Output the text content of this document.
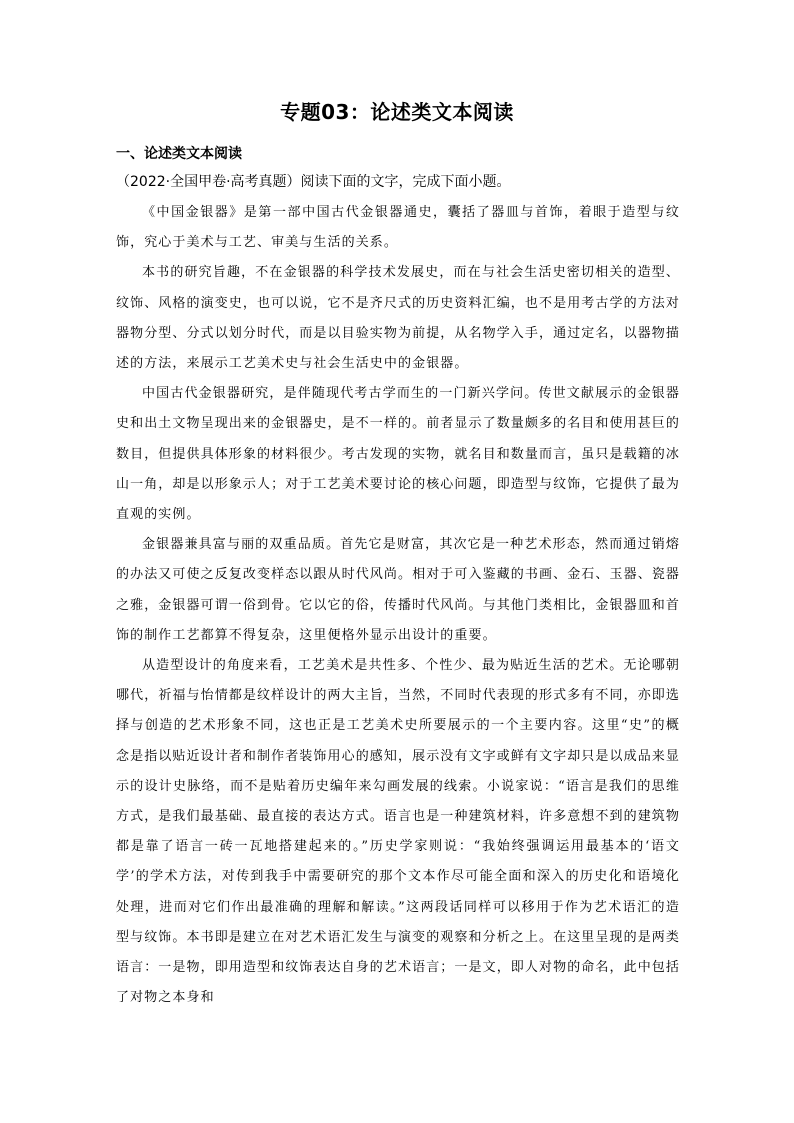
专题03：论述类文本阅读
一、论述类文本阅读
（2022·全国甲卷·高考真题）阅读下面的文字，完成下面小题。

《中国金银器》是第一部中国古代金银器通史，囊括了器皿与首饰，着眼于造型与纹饰，究心于美术与工艺、审美与生活的关系。

本书的研究旨趣，不在金银器的科学技术发展史，而在与社会生活史密切相关的造型、纹饰、风格的演变史，也可以说，它不是齐尺式的历史资料汇编，也不是用考古学的方法对器物分型、分式以划分时代，而是以目验实物为前提，从名物学入手，通过定名，以器物描述的方法，来展示工艺美术史与社会生活史中的金银器。

中国古代金银器研究，是伴随现代考古学而生的一门新兴学问。传世文献展示的金银器史和出土文物呈现出来的金银器史，是不一样的。前者显示了数量颇多的名目和使用甚巨的数目，但提供具体形象的材料很少。考古发现的实物，就名目和数量而言，虽只是载籍的冰山一角，却是以形象示人；对于工艺美术要讨论的核心问题，即造型与纹饰，它提供了最为直观的实例。

金银器兼具富与丽的双重品质。首先它是财富，其次它是一种艺术形态，然而通过销熔的办法又可使之反复改变样态以跟从时代风尚。相对于可入鉴藏的书画、金石、玉器、瓷器之雅，金银器可谓一俗到骨。它以它的俗，传播时代风尚。与其他门类相比，金银器皿和首饰的制作工艺都算不得复杂，这里便格外显示出设计的重要。

从造型设计的角度来看，工艺美术是共性多、个性少、最为贴近生活的艺术。无论哪朝哪代，祈福与怡情都是纹样设计的两大主旨，当然，不同时代表现的形式多有不同，亦即选择与创造的艺术形象不同，这也正是工艺美术史所要展示的一个主要内容。这里“史”的概念是指以贴近设计者和制作者装饰用心的感知，展示没有文字或鲜有文字却只是以成品来显示的设计史脉络，而不是贴着历史编年来勾画发展的线索。小说家说：“语言是我们的思维方式，是我们最基础、最直接的表达方式。语言也是一种建筑材料，许多意想不到的建筑物都是靠了语言一砖一瓦地搭建起来的。”历史学家则说：“我始终强调运用最基本的‘语文学’的学术方法，对传到我手中需要研究的那个文本作尽可能全面和深入的历史化和语境化处理，进而对它们作出最准确的理解和解读。”这两段话同样可以移用于作为艺术语汇的造型与纹饰。本书即是建立在对艺术语汇发生与演变的观察和分析之上。在这里呈现的是两类语言：一是物，即用造型和纹饰表达自身的艺术语言；一是文，即人对物的命名，此中包括了对物之本身和
